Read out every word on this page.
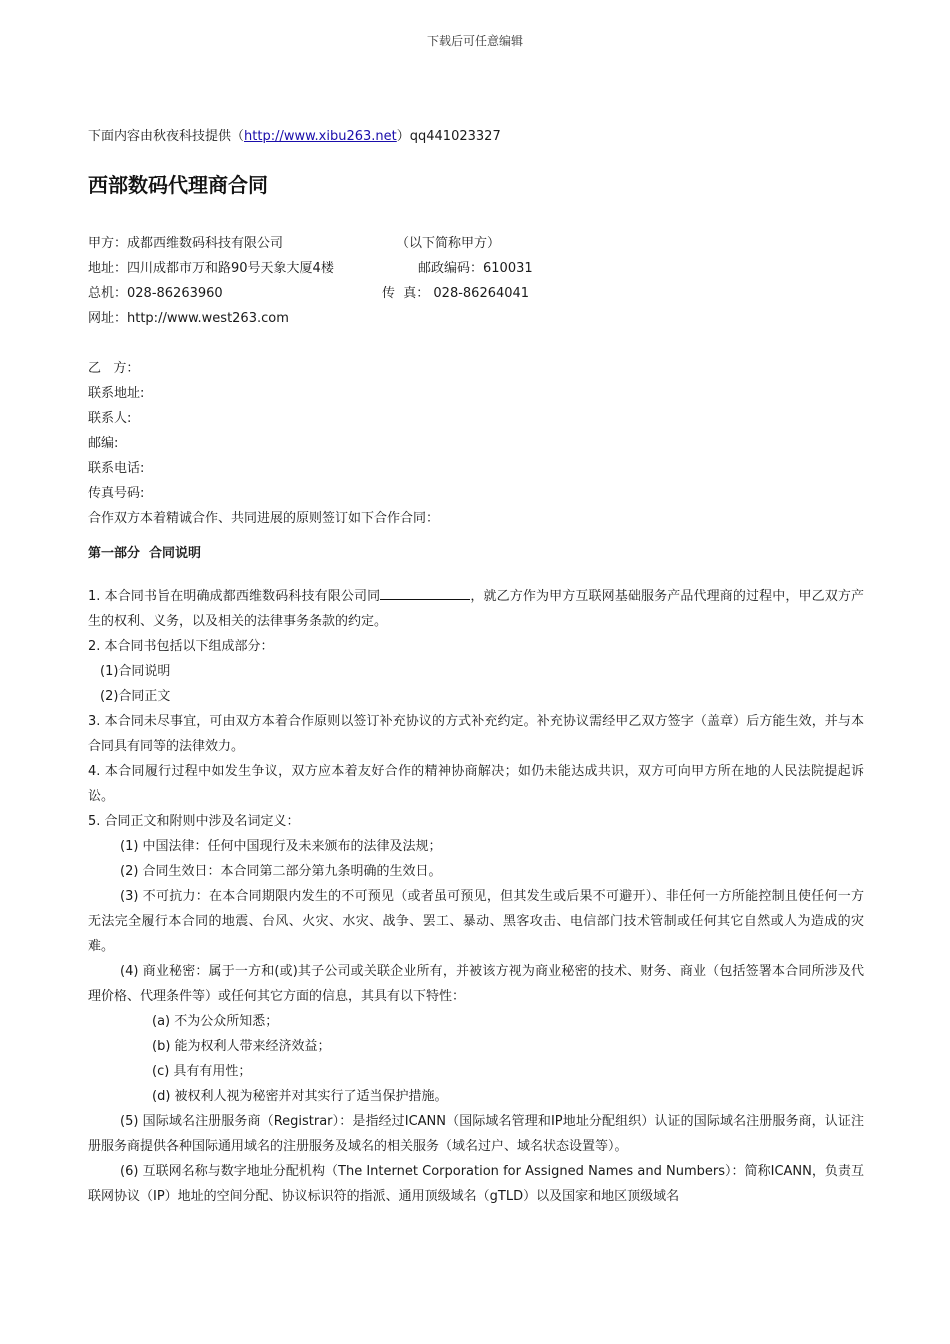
下载后可任意编辑
下面内容由秋夜科技提供（http://www.xibu263.net）qq441023327
西部数码代理商合同
甲方：成都西维数码科技有限公司	（以下简称甲方）
地址：四川成都市万和路90号天象大厦4楼	邮政编码：610031
总机：028-86263960	传  真： 028-86264041
网址：http://www.west263.com
乙   方：
联系地址:
联系人:
邮编:
联系电话:
传真号码:
合作双方本着精诚合作、共同进展的原则签订如下合作合同：
第一部分  合同说明
1. 本合同书旨在明确成都西维数码科技有限公司同	，就乙方作为甲方互联网基础服务产品代理商的过程中，甲乙双方产生的权利、义务，以及相关的法律事务条款的约定。
2. 本合同书包括以下组成部分：
(1)合同说明
(2)合同正文
3. 本合同未尽事宜，可由双方本着合作原则以签订补充协议的方式补充约定。补充协议需经甲乙双方签字（盖章）后方能生效，并与本合同具有同等的法律效力。
4. 本合同履行过程中如发生争议，双方应本着友好合作的精神协商解决；如仍未能达成共识，双方可向甲方所在地的人民法院提起诉讼。
5. 合同正文和附则中涉及名词定义：
(1) 中国法律：任何中国现行及未来颁布的法律及法规；
(2) 合同生效日：本合同第二部分第九条明确的生效日。
(3) 不可抗力：在本合同期限内发生的不可预见（或者虽可预见，但其发生或后果不可避开）、非任何一方所能控制且使任何一方无法完全履行本合同的地震、台风、火灾、水灾、战争、罢工、暴动、黑客攻击、电信部门技术管制或任何其它自然或人为造成的灾难。
(4) 商业秘密：属于一方和(或)其子公司或关联企业所有，并被该方视为商业秘密的技术、财务、商业（包括签署本合同所涉及代理价格、代理条件等）或任何其它方面的信息，其具有以下特性：
(a) 不为公众所知悉；
(b) 能为权利人带来经济效益；
(c) 具有有用性；
(d) 被权利人视为秘密并对其实行了适当保护措施。
(5) 国际域名注册服务商（Registrar）：是指经过ICANN（国际域名管理和IP地址分配组织）认证的国际域名注册服务商，认证注册服务商提供各种国际通用域名的注册服务及域名的相关服务（域名过户、域名状态设置等）。
(6) 互联网名称与数字地址分配机构（The Internet Corporation for Assigned Names and Numbers）：简称ICANN，负责互联网协议（IP）地址的空间分配、协议标识符的指派、通用顶级域名（gTLD）以及国家和地区顶级域名
